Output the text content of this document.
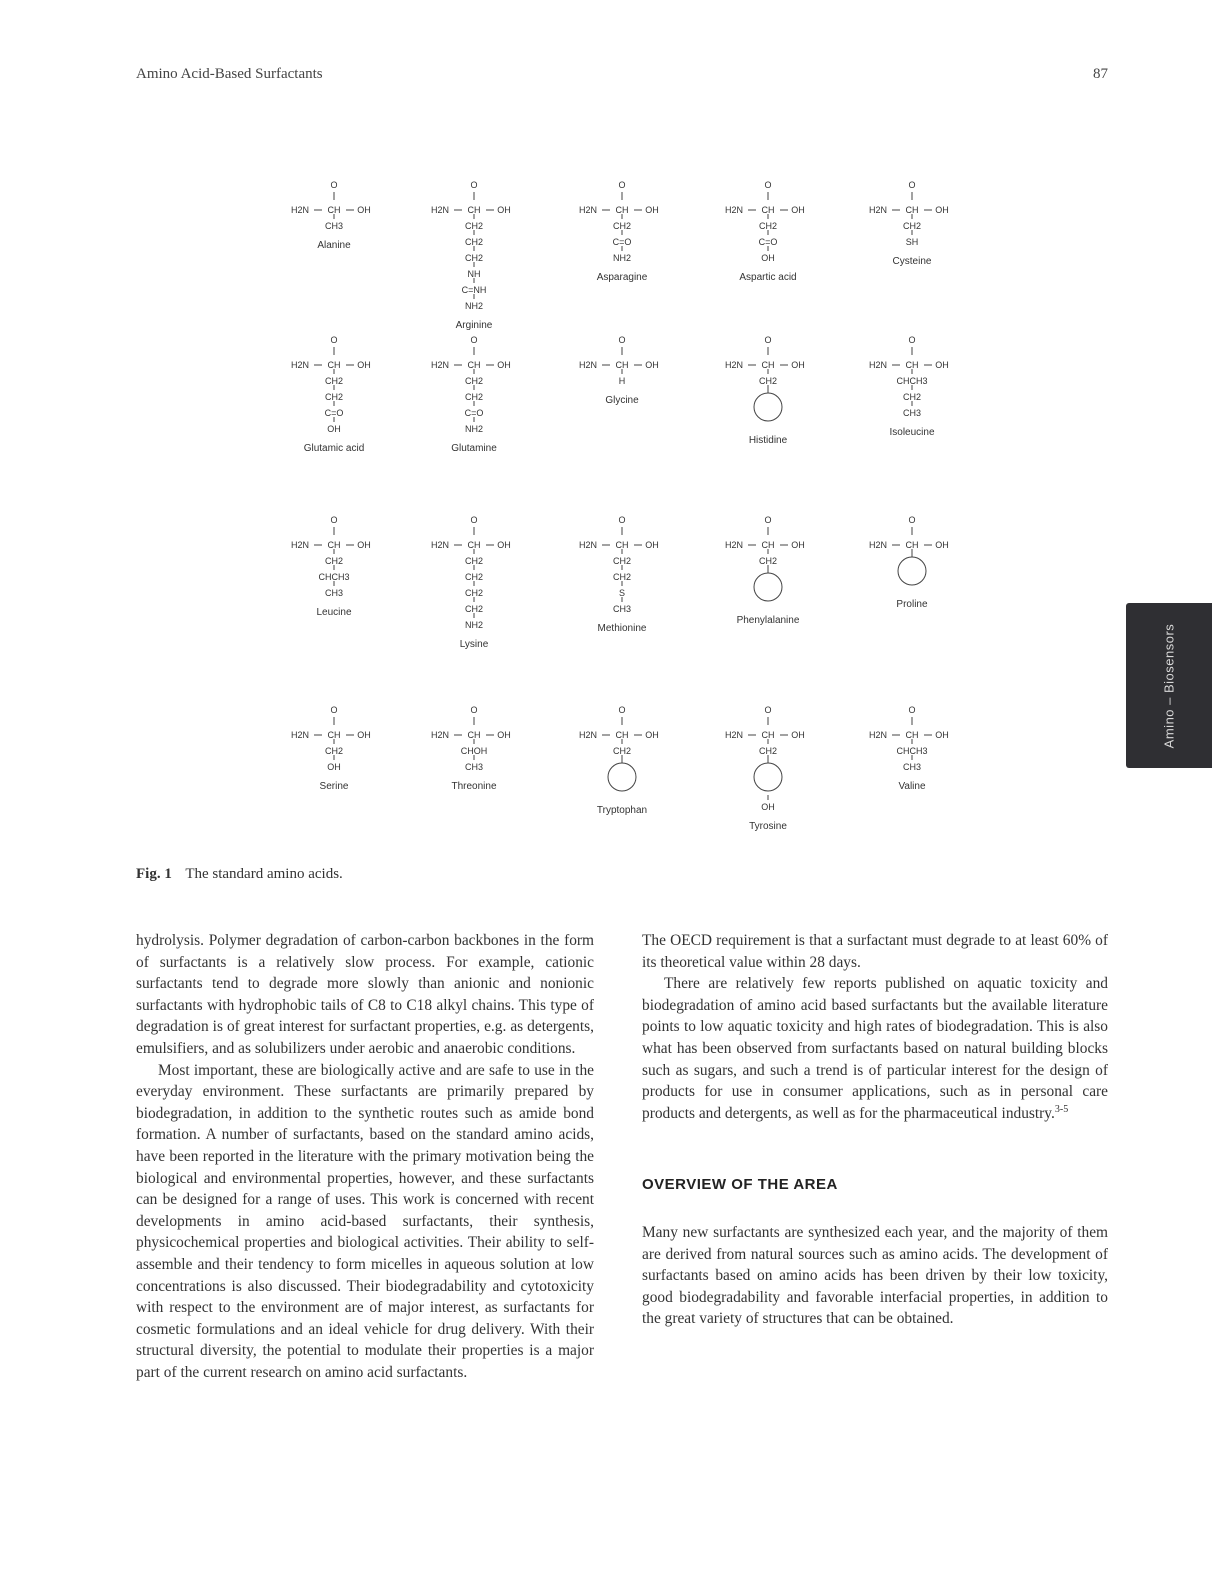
Amino Acid-Based Surfactants	87
O
H2N CH OH
CH3
Alanine
O
H2N CH OH
CH2
CH2
CH2
NH
C=NH
NH2
Arginine
O
H2N CH OH
CH2
C=O
NH2
Asparagine
O
H2N CH OH
CH2
C=O
OH
Aspartic acid
O
H2N CH OH
CH2
SH
Cysteine
O
H2N CH OH
CH2
CH2
C=O
OH
Glutamic acid
O
H2N CH OH
CH2
CH2
C=O
NH2
Glutamine
O
H2N CH OH
H
Glycine
O
H2N CH OH
CH2
Histidine
O
H2N CH OH
CHCH3
CH2
CH3
Isoleucine
O
H2N CH OH
CH2
CHCH3
CH3
Leucine
O
H2N CH OH
CH2
CH2
CH2
CH2
NH2
Lysine
O
H2N CH OH
CH2
CH2
S
CH3
Methionine
O
H2N CH OH
CH2
Phenylalanine
O
H2N CH OH
Proline
O
H2N CH OH
CH2
OH
Serine
O
H2N CH OH
CHOH
CH3
Threonine
O
H2N CH OH
CH2
Tryptophan
O
H2N CH OH
CH2
OH
Tyrosine
O
H2N CH OH
CHCH3
CH3
Valine
Fig. 1 The standard amino acids.

hydrolysis. Polymer degradation of carbon-carbon backbones in the form of surfactants is a relatively slow process. For example, cationic surfactants tend to degrade more slowly than anionic and nonionic surfactants with hydrophobic tails of C8 to C18 alkyl chains. This type of degradation is of great interest for surfactant properties, e.g. as detergents, emulsifiers, and as solubilizers under aerobic and anaerobic conditions.

Most important, these are biologically active and are safe to use in the everyday environment. These surfactants are primarily prepared by biodegradation, in addition to the synthetic routes such as amide bond formation. A number of surfactants, based on the standard amino acids, have been reported in the literature with the primary motivation being the biological and environmental properties, however, and these surfactants can be designed for a range of uses. This work is concerned with recent developments in amino acid-based surfactants, their synthesis, physicochemical properties and biological activities. Their ability to self-assemble and their tendency to form micelles in aqueous solution at low concentrations is also discussed. Their biodegradability and cytotoxicity with respect to the environment are of major interest, as surfactants for cosmetic formulations and an ideal vehicle for drug delivery. With their structural diversity, the potential to modulate their properties is a major part of the current research on amino acid surfactants.

The OECD requirement is that a surfactant must degrade to at least 60% of its theoretical value within 28 days.

There are relatively few reports published on aquatic toxicity and biodegradation of amino acid based surfactants but the available literature points to low aquatic toxicity and high rates of biodegradation. This is also what has been observed from surfactants based on natural building blocks such as sugars, and such a trend is of particular interest for the design of products for use in consumer applications, such as in personal care products and detergents, as well as for the pharmaceutical industry.$^{3-5}$

OVERVIEW OF THE AREA

Many new surfactants are synthesized each year, and the majority of them are derived from natural sources such as amino acids. The development of surfactants based on amino acids has been driven by their low toxicity, good biodegradability and favorable interfacial properties, in addition to the great variety of structures that can be obtained.

Amino – Biosensors
